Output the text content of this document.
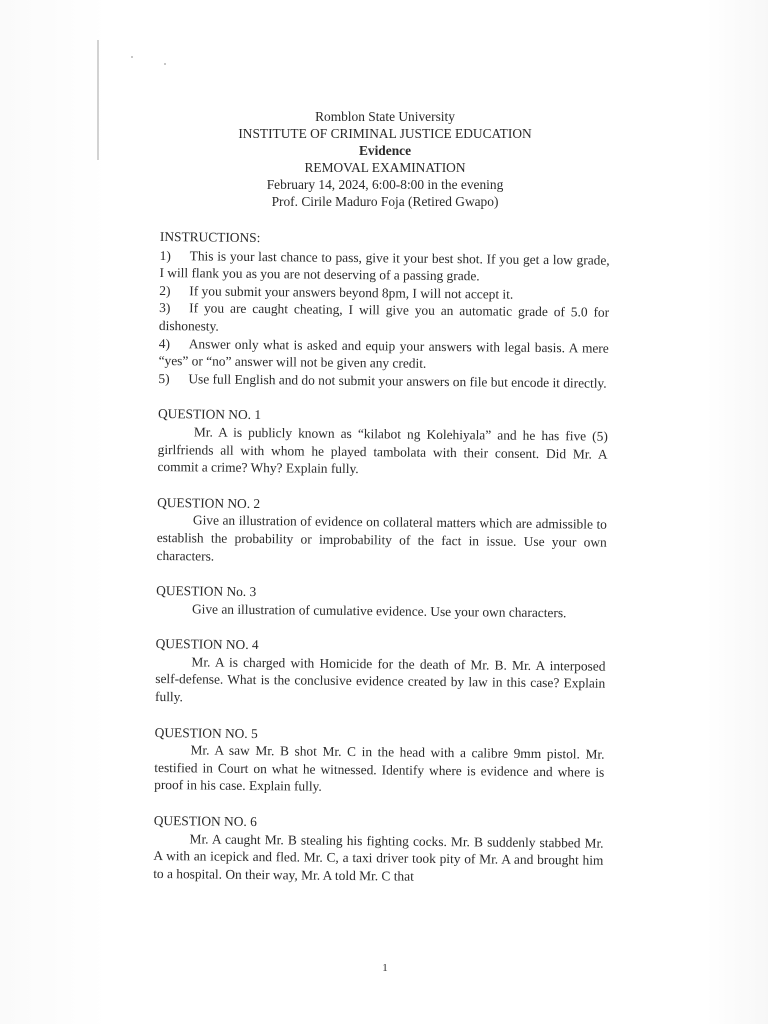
Romblon State University
INSTITUTE OF CRIMINAL JUSTICE EDUCATION
Evidence
REMOVAL EXAMINATION
February 14, 2024, 6:00-8:00 in the evening
Prof. Cirile Maduro Foja (Retired Gwapo)

INSTRUCTIONS:

1) This is your last chance to pass, give it your best shot. If you get a low grade, I will flank you as you are not deserving of a passing grade.

2) If you submit your answers beyond 8pm, I will not accept it.

3) If you are caught cheating, I will give you an automatic grade of 5.0 for dishonesty.

4) Answer only what is asked and equip your answers with legal basis. A mere “yes” or “no” answer will not be given any credit.

5) Use full English and do not submit your answers on file but encode it directly.

QUESTION NO. 1

Mr. A is publicly known as “kilabot ng Kolehiyala” and he has five (5) girlfriends all with whom he played tambolata with their consent. Did Mr. A commit a crime? Why? Explain fully.

QUESTION NO. 2

Give an illustration of evidence on collateral matters which are admissible to establish the probability or improbability of the fact in issue. Use your own characters.

QUESTION No. 3

Give an illustration of cumulative evidence. Use your own characters.

QUESTION NO. 4

Mr. A is charged with Homicide for the death of Mr. B. Mr. A interposed self-defense. What is the conclusive evidence created by law in this case? Explain fully.

QUESTION NO. 5

Mr. A saw Mr. B shot Mr. C in the head with a calibre 9mm pistol. Mr. testified in Court on what he witnessed. Identify where is evidence and where is proof in his case. Explain fully.

QUESTION NO. 6

Mr. A caught Mr. B stealing his fighting cocks. Mr. B suddenly stabbed Mr. A with an icepick and fled. Mr. C, a taxi driver took pity of Mr. A and brought him to a hospital. On their way, Mr. A told Mr. C that

1
